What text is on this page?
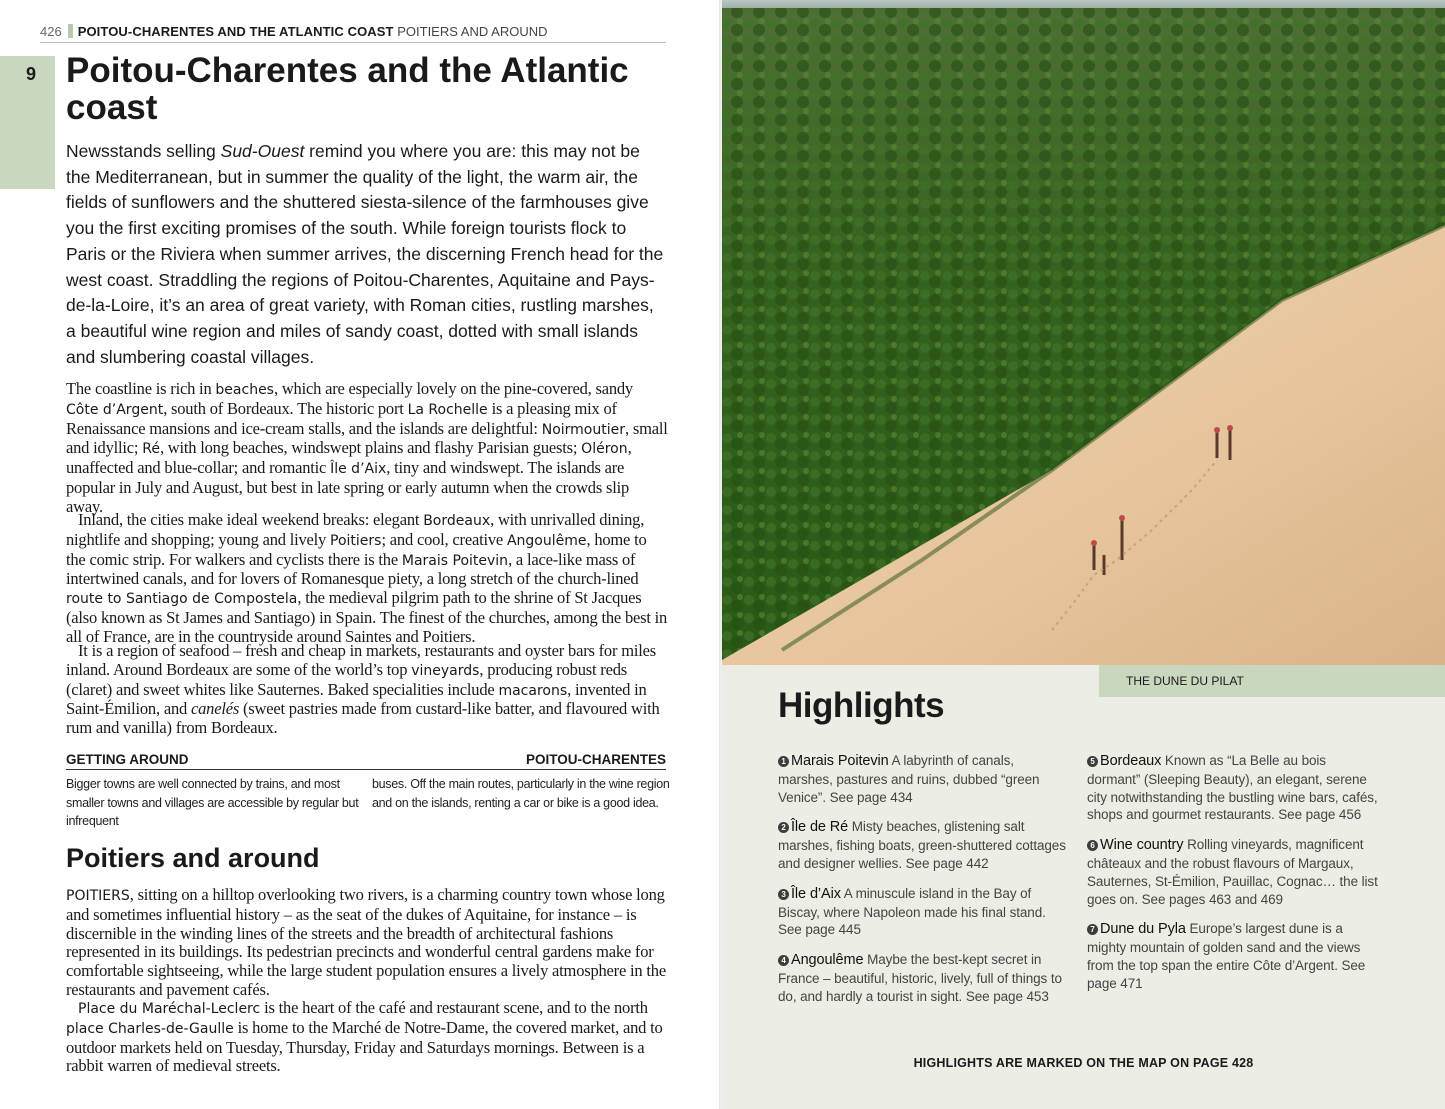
426 POITOU-CHARENTES AND THE ATLANTIC COAST POITIERS AND AROUND
9 Poitou-Charentes and the Atlantic coast

Newsstands selling Sud-Ouest remind you where you are: this may not be the Mediterranean, but in summer the quality of the light, the warm air, the fields of sunflowers and the shuttered siesta-silence of the farmhouses give you the first exciting promises of the south. While foreign tourists flock to Paris or the Riviera when summer arrives, the discerning French head for the west coast. Straddling the regions of Poitou-Charentes, Aquitaine and Pays-de-la-Loire, it’s an area of great variety, with Roman cities, rustling marshes, a beautiful wine region and miles of sandy coast, dotted with small islands and slumbering coastal villages.

The coastline is rich in beaches, which are especially lovely on the pine-covered, sandy Côte d’Argent, south of Bordeaux. The historic port La Rochelle is a pleasing mix of Renaissance mansions and ice-cream stalls, and the islands are delightful: Noirmoutier, small and idyllic; Ré, with long beaches, windswept plains and flashy Parisian guests; Oléron, unaffected and blue-collar; and romantic Île d’Aix, tiny and windswept. The islands are popular in July and August, but best in late spring or early autumn when the crowds slip away.

Inland, the cities make ideal weekend breaks: elegant Bordeaux, with unrivalled dining, nightlife and shopping; young and lively Poitiers; and cool, creative Angoulême, home to the comic strip. For walkers and cyclists there is the Marais Poitevin, a lace-like mass of intertwined canals, and for lovers of Romanesque piety, a long stretch of the church-lined route to Santiago de Compostela, the medieval pilgrim path to the shrine of St Jacques (also known as St James and Santiago) in Spain. The finest of the churches, among the best in all of France, are in the countryside around Saintes and Poitiers.

It is a region of seafood – fresh and cheap in markets, restaurants and oyster bars for miles inland. Around Bordeaux are some of the world’s top vineyards, producing robust reds (claret) and sweet whites like Sauternes. Baked specialities include macarons, invented in Saint-Émilion, and canelés (sweet pastries made from custard-like batter, and flavoured with rum and vanilla) from Bordeaux.

GETTING AROUND	POITOU-CHARENTES
Bigger towns are well connected by trains, and most smaller towns and villages are accessible by regular but infrequent
buses. Off the main routes, particularly in the wine region and on the islands, renting a car or bike is a good idea.
Poitiers and around

POITIERS, sitting on a hilltop overlooking two rivers, is a charming country town whose long and sometimes influential history – as the seat of the dukes of Aquitaine, for instance – is discernible in the winding lines of the streets and the breadth of architectural fashions represented in its buildings. Its pedestrian precincts and wonderful central gardens make for comfortable sightseeing, while the large student population ensures a lively atmosphere in the restaurants and pavement cafés.

Place du Maréchal-Leclerc is the heart of the café and restaurant scene, and to the north place Charles-de-Gaulle is home to the Marché de Notre-Dame, the covered market, and to outdoor markets held on Tuesday, Thursday, Friday and Saturdays mornings. Between is a rabbit warren of medieval streets.

THE DUNE DU PILAT
Highlights

1 Marais Poitevin A labyrinth of canals, marshes, pastures and ruins, dubbed “green Venice”. See page 434

2 Île de Ré Misty beaches, glistening salt marshes, fishing boats, green-shuttered cottages and designer wellies. See page 442

3 Île d’Aix A minuscule island in the Bay of Biscay, where Napoleon made his final stand. See page 445

4 Angoulême Maybe the best-kept secret in France – beautiful, historic, lively, full of things to do, and hardly a tourist in sight. See page 453

5 Bordeaux Known as “La Belle au bois dormant” (Sleeping Beauty), an elegant, serene city notwithstanding the bustling wine bars, cafés, shops and gourmet restaurants. See page 456

6 Wine country Rolling vineyards, magnificent châteaux and the robust flavours of Margaux, Sauternes, St-Émilion, Pauillac, Cognac… the list goes on. See pages 463 and 469

7 Dune du Pyla Europe’s largest dune is a mighty mountain of golden sand and the views from the top span the entire Côte d’Argent. See page 471

HIGHLIGHTS ARE MARKED ON THE MAP ON PAGE 428
